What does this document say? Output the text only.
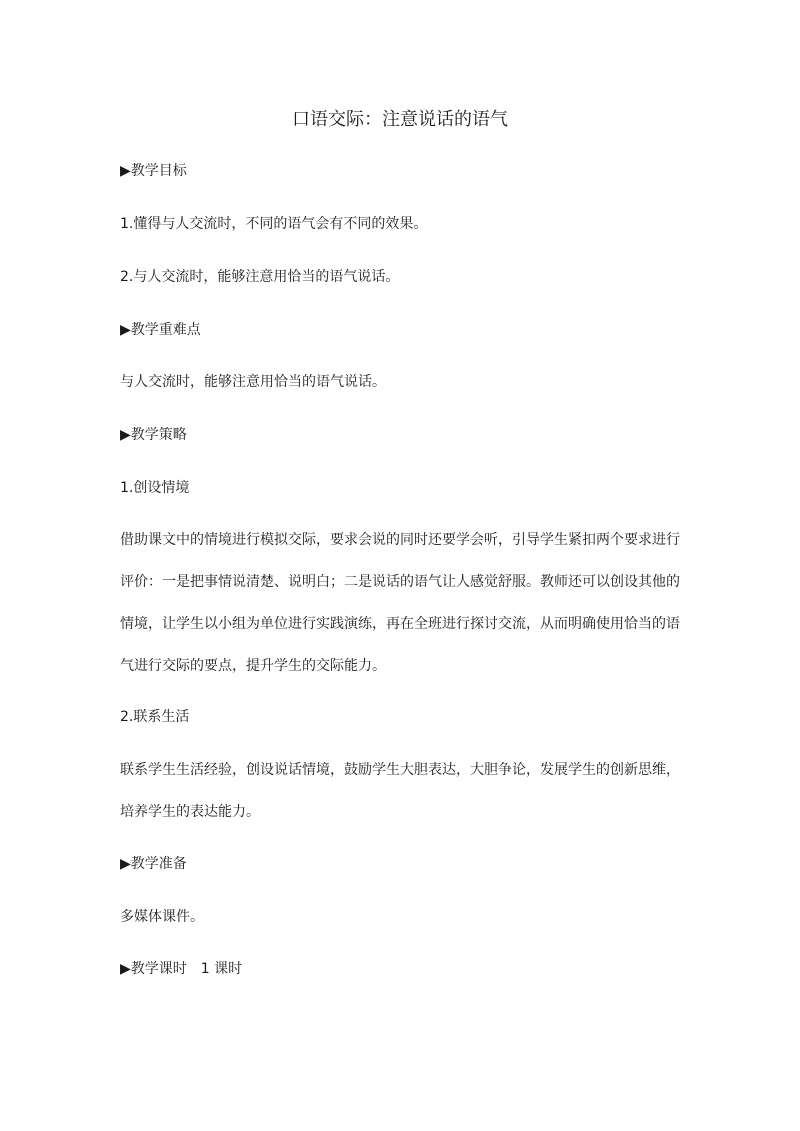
口语交际：注意说话的语气
▶教学目标
1.懂得与人交流时，不同的语气会有不同的效果。
2.与人交流时，能够注意用恰当的语气说话。
▶教学重难点
与人交流时，能够注意用恰当的语气说话。
▶教学策略
1.创设情境
借助课文中的情境进行模拟交际，要求会说的同时还要学会听，引导学生紧扣两个要求进行
评价：一是把事情说清楚、说明白；二是说话的语气让人感觉舒服。教师还可以创设其他的
情境，让学生以小组为单位进行实践演练，再在全班进行探讨交流，从而明确使用恰当的语
气进行交际的要点，提升学生的交际能力。
2.联系生活
联系学生生活经验，创设说话情境，鼓励学生大胆表达，大胆争论，发展学生的创新思维，
培养学生的表达能力。
▶教学准备
多媒体课件。
▶教学课时　1 课时
